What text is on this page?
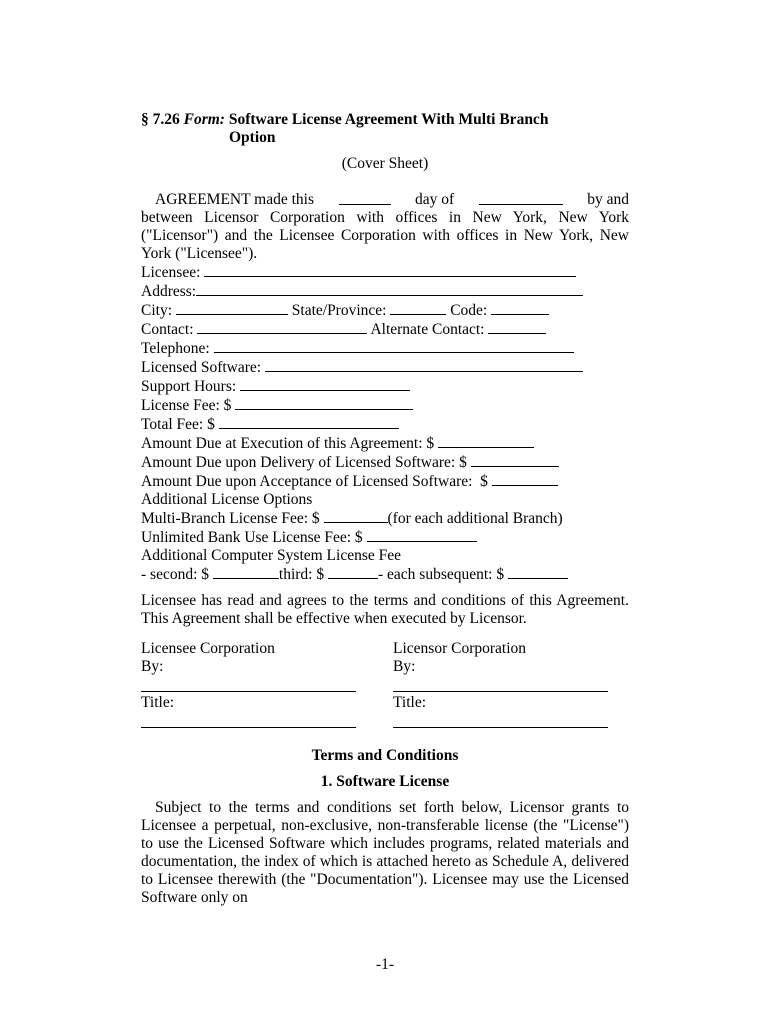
§ 7.26 Form: Software License Agreement With Multi Branch
Option
(Cover Sheet)
AGREEMENT made this	day of	by and
between Licensor Corporation with offices in New York, New York ("Licensor") and the Licensee Corporation with offices in New York, New York ("Licensee").
Licensee:
Address:
City:	State/Province:	Code:
Contact:	Alternate Contact:
Telephone:
Licensed Software:
Support Hours:
License Fee: $
Total Fee: $
Amount Due at Execution of this Agreement: $
Amount Due upon Delivery of Licensed Software: $
Amount Due upon Acceptance of Licensed Software:  $
Additional License Options
Multi-Branch License Fee: $	(for each additional Branch)
Unlimited Bank Use License Fee: $
Additional Computer System License Fee
- second: $	third: $	- each subsequent: $
Licensee has read and agrees to the terms and conditions of this Agreement. This Agreement shall be effective when executed by Licensor.
Licensee Corporation
By:
Licensor Corporation
By:
Title:	Title:
Terms and Conditions
1. Software License
Subject to the terms and conditions set forth below, Licensor grants to Licensee a perpetual, non-exclusive, non-transferable license (the "License") to use the Licensed Software which includes programs, related materials and documentation, the index of which is attached hereto as Schedule A, delivered to Licensee therewith (the "Documentation"). Licensee may use the Licensed Software only on
-1-
